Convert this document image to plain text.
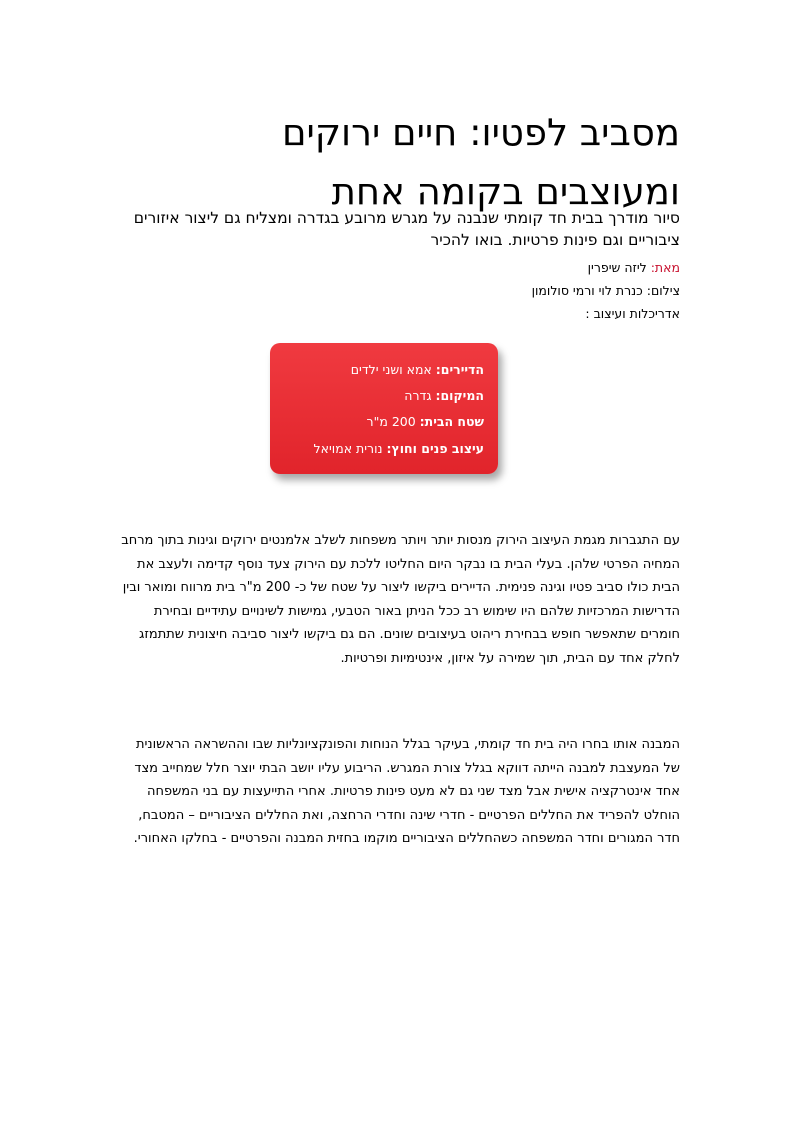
מסביב לפטיו: חיים ירוקים
ומעוצבים בקומה אחת

סיור מודרך בבית חד קומתי שנבנה על מגרש מרובע בגדרה ומצליח גם ליצור איזורים ציבוריים וגם פינות פרטיות. בואו להכיר

מאת: ליזה שיפרין
צילום: כנרת לוי ורמי סולומון
אדריכלות ועיצוב :

עם התגברות מגמת העיצוב הירוק מנסות יותר ויותר משפחות לשלב אלמנטים ירוקים וגינות בתוך מרחב המחיה הפרטי שלהן. בעלי הבית בו נבקר היום החליטו ללכת עם הירוק צעד נוסף קדימה ולעצב את הבית כולו סביב פטיו וגינה פנימית. הדיירים ביקשו ליצור על שטח של כ- 200 מ"ר בית מרווח ומואר ובין הדרישות המרכזיות שלהם היו שימוש רב ככל הניתן באור הטבעי, גמישות לשינויים עתידיים ובחירת חומרים שתאפשר חופש בבחירת ריהוט בעיצובים שונים. הם גם ביקשו ליצור סביבה חיצונית שתתמזג לחלק אחד עם הבית, תוך שמירה על איזון, אינטימיות ופרטיות.

המבנה אותו בחרו היה בית חד קומתי, בעיקר בגלל הנוחות והפונקציונליות שבו וההשראה הראשונית של המעצבת למבנה הייתה דווקא בגלל צורת המגרש. הריבוע עליו יושב הבתי יוצר חלל שמחייב מצד אחד אינטרקציה אישית אבל מצד שני גם לא מעט פינות פרטיות. אחרי התייעצות עם בני המשפחה הוחלט להפריד את החללים הפרטיים - חדרי שינה וחדרי הרחצה, ואת החללים הציבוריים – המטבח, חדר המגורים וחדר המשפחה כשהחללים הציבוריים מוקמו בחזית המבנה והפרטיים - בחלקו האחורי.

הדיירים: אמא ושני ילדים
המיקום: גדרה
שטח הבית: 200 מ"ר
עיצוב פנים וחוץ: נורית אמויאל
